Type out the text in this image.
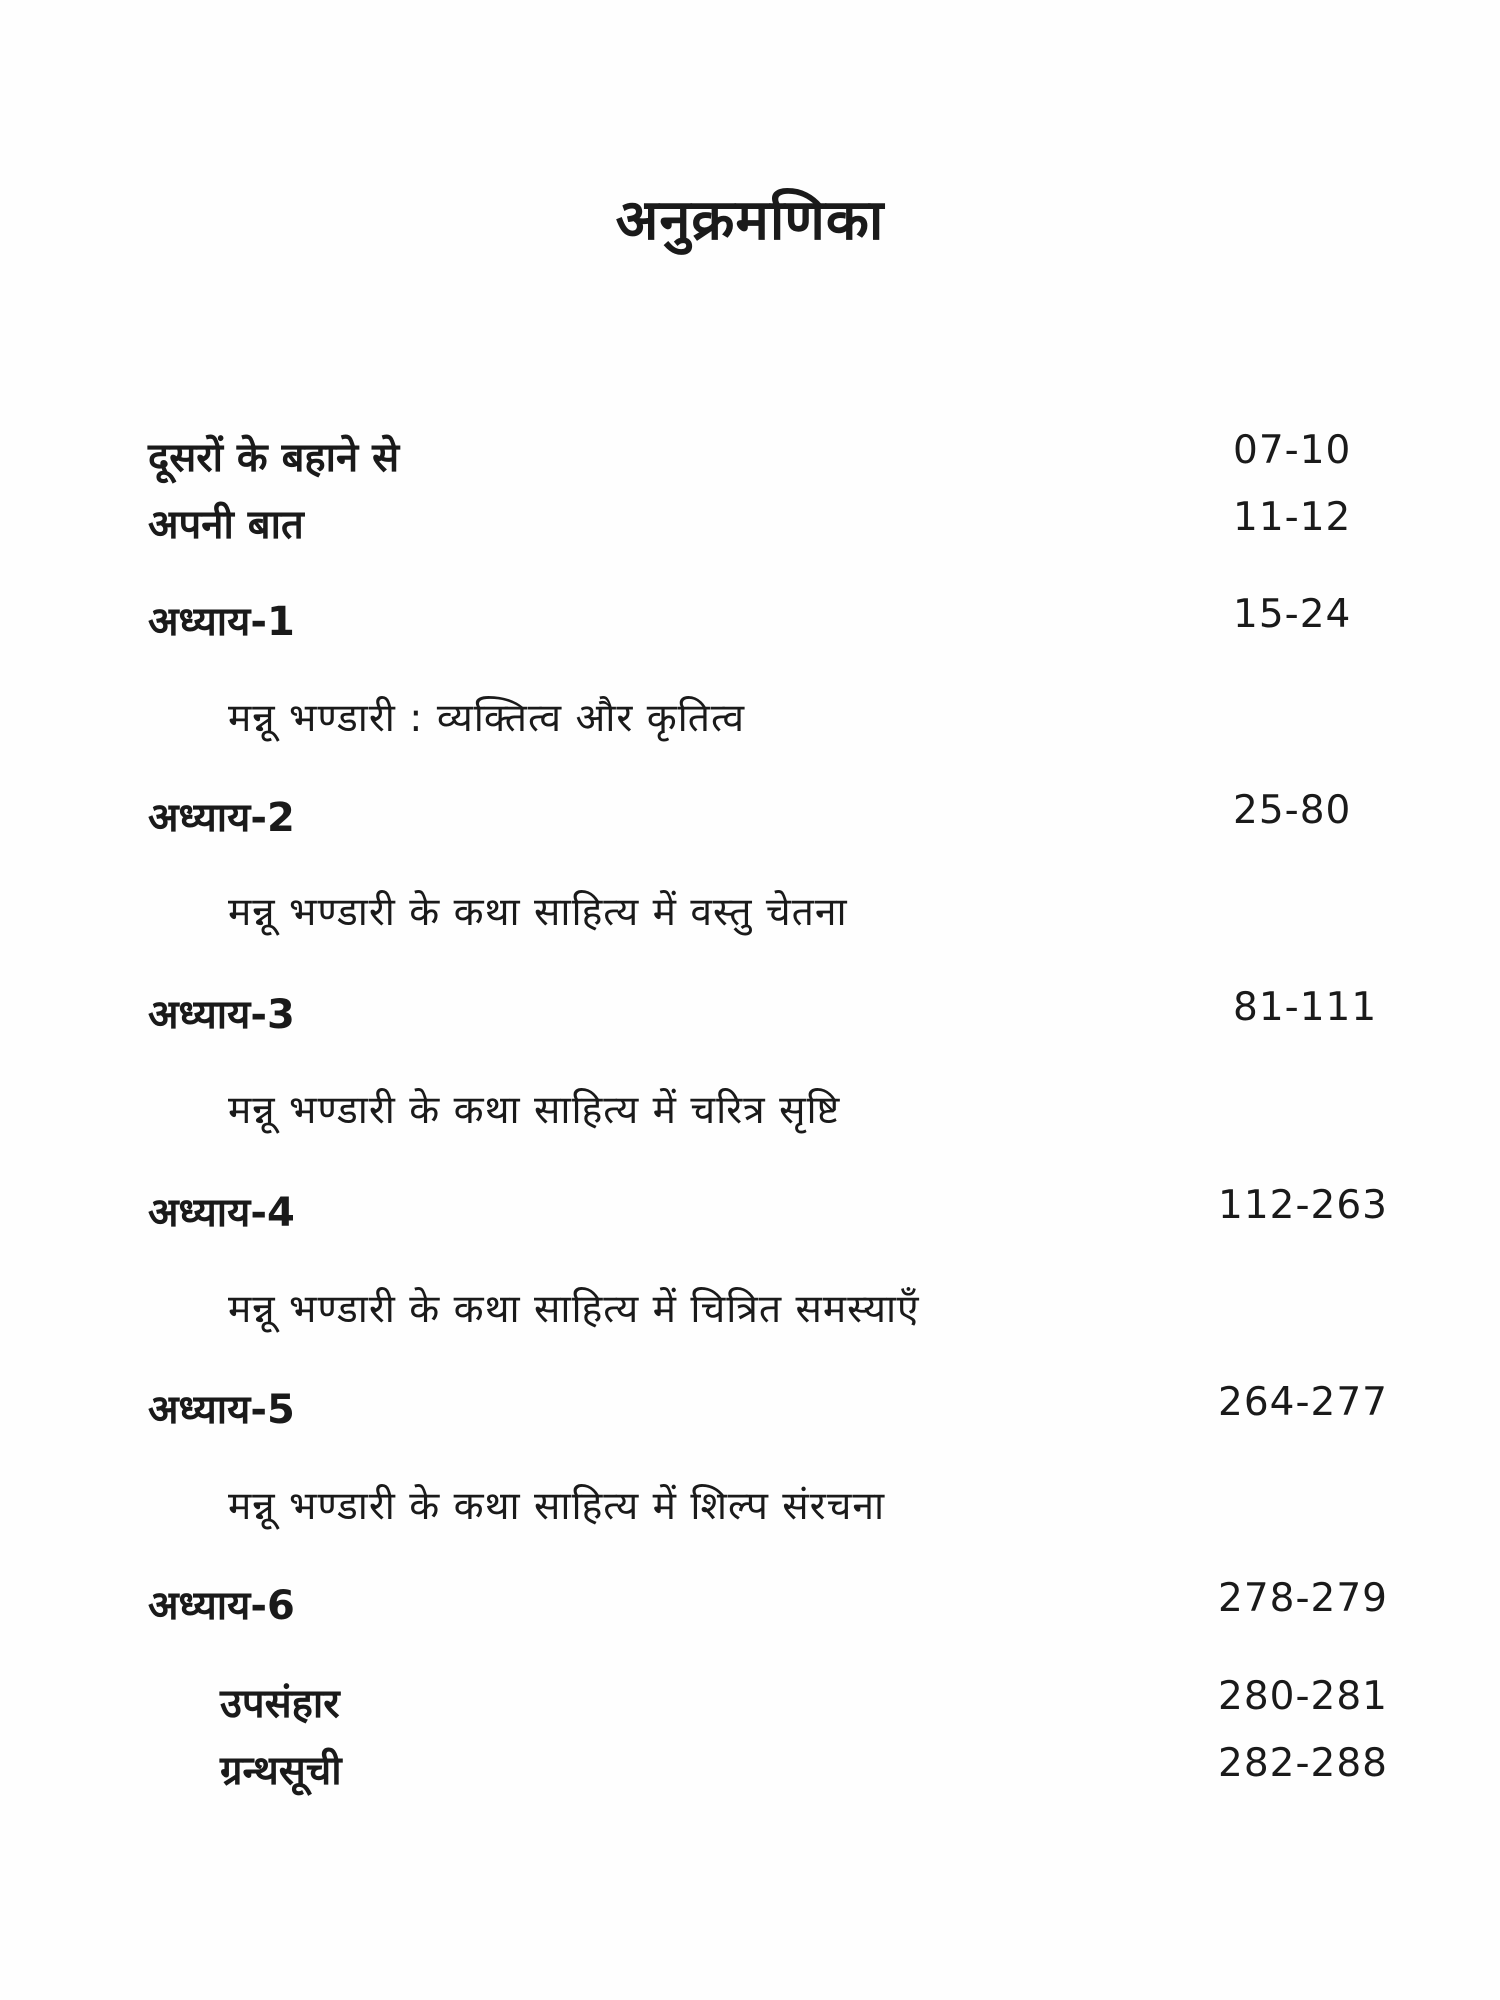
अनुक्रमणिका
दूसरों के बहाने से	07-10
अपनी बात	11-12
अध्याय-1	15-24
मन्नू भण्डारी : व्यक्तित्व और कृतित्व
अध्याय-2	25-80
मन्नू भण्डारी के कथा साहित्य में वस्तु चेतना
अध्याय-3	81-111
मन्नू भण्डारी के कथा साहित्य में चरित्र सृष्टि
अध्याय-4	112-263
मन्नू भण्डारी के कथा साहित्य में चित्रित समस्याएँ
अध्याय-5	264-277
मन्नू भण्डारी के कथा साहित्य में शिल्प संरचना
अध्याय-6	278-279
उपसंहार	280-281
ग्रन्थसूची	282-288
